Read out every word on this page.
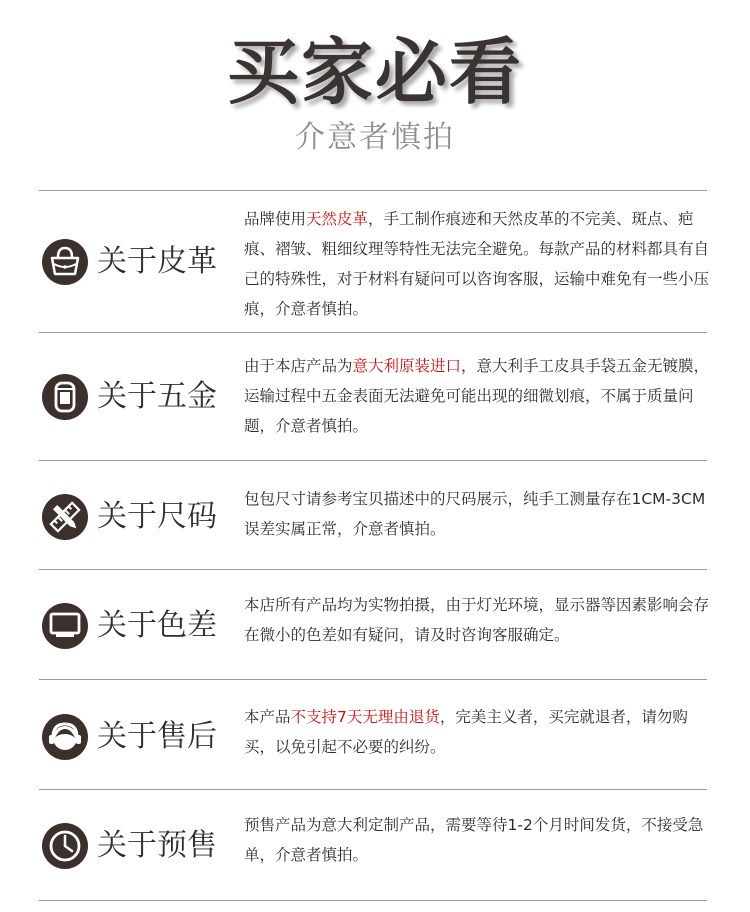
买家必看
介意者慎拍
关于皮革
品牌使用天然皮革，手工制作痕迹和天然皮革的不完美、斑点、疤痕、褶皱、粗细纹理等特性无法完全避免。每款产品的材料都具有自己的特殊性，对于材料有疑问可以咨询客服，运输中难免有一些小压痕，介意者慎拍。
关于五金
由于本店产品为意大利原装进口，意大利手工皮具手袋五金无镀膜，运输过程中五金表面无法避免可能出现的细微划痕，不属于质量问题，介意者慎拍。
关于尺码 包包尺寸请参考宝贝描述中的尺码展示，纯手工测量存在1CM-3CM误差实属正常，介意者慎拍。
关于色差
本店所有产品均为实物拍摄，由于灯光环境，显示器等因素影响会存在微小的色差如有疑问，请及时咨询客服确定。
关于售后
本产品不支持7天无理由退货，完美主义者，买完就退者，请勿购买，以免引起不必要的纠纷。
关于预售
预售产品为意大利定制产品，需要等待1-2个月时间发货，不接受急单，介意者慎拍。
